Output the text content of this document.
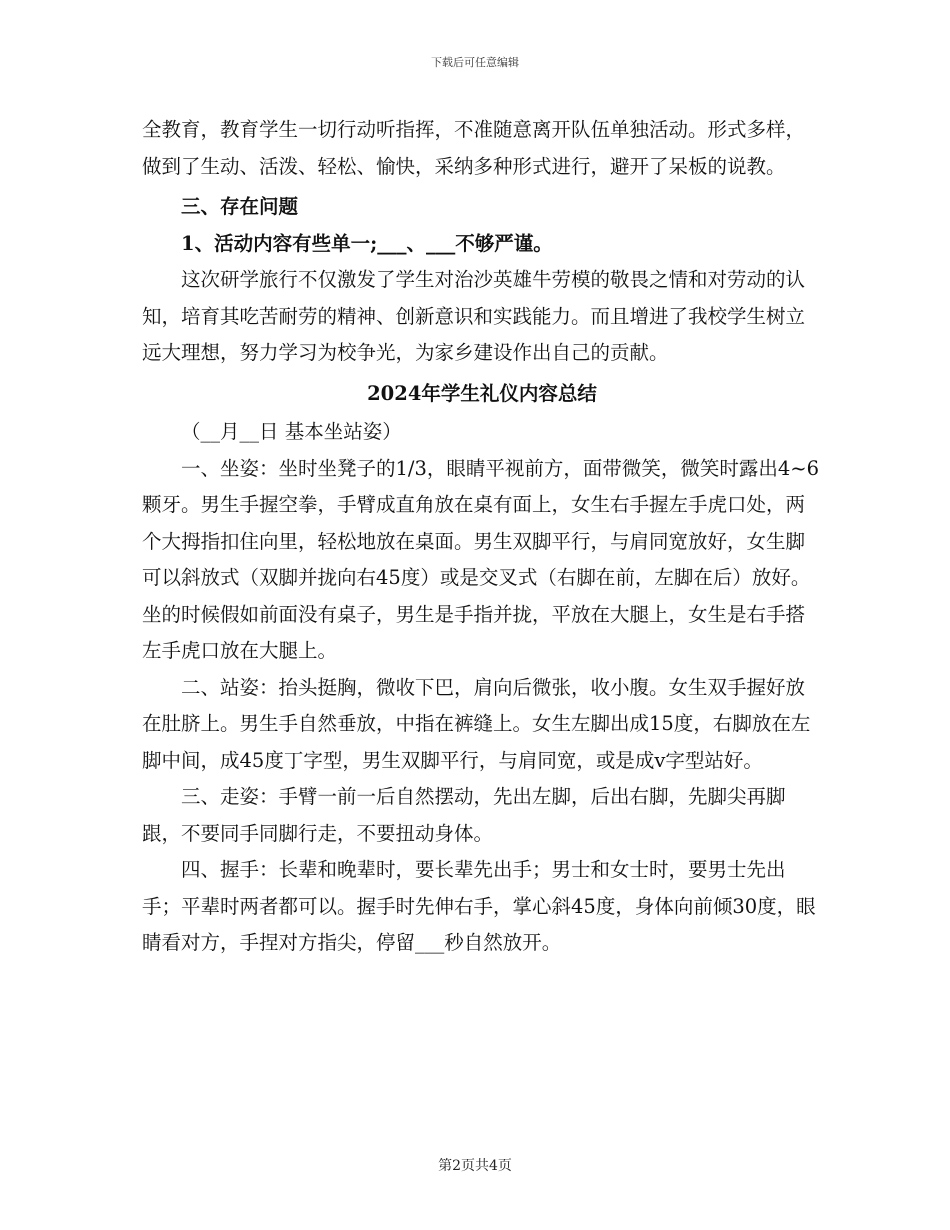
下载后可任意编辑

全教育，教育学生一切行动听指挥，不准随意离开队伍单独活动。形式多样，做到了生动、活泼、轻松、愉快，采纳多种形式进行，避开了呆板的说教。

三、存在问题

1、活动内容有些单一;___、___不够严谨。

这次研学旅行不仅激发了学生对治沙英雄牛劳模的敬畏之情和对劳动的认知，培育其吃苦耐劳的精神、创新意识和实践能力。而且增进了我校学生树立远大理想，努力学习为校争光，为家乡建设作出自己的贡献。

2024年学生礼仪内容总结

（__月__日 基本坐站姿）

一、坐姿：坐时坐凳子的1/3，眼睛平视前方，面带微笑，微笑时露出4~6颗牙。男生手握空拳，手臂成直角放在桌有面上，女生右手握左手虎口处，两个大拇指扣住向里，轻松地放在桌面。男生双脚平行，与肩同宽放好，女生脚可以斜放式（双脚并拢向右45度）或是交叉式（右脚在前，左脚在后）放好。坐的时候假如前面没有桌子，男生是手指并拢，平放在大腿上，女生是右手搭左手虎口放在大腿上。

二、站姿：抬头挺胸，微收下巴，肩向后微张，收小腹。女生双手握好放在肚脐上。男生手自然垂放，中指在裤缝上。女生左脚出成15度，右脚放在左脚中间，成45度丁字型，男生双脚平行，与肩同宽，或是成v字型站好。

三、走姿：手臂一前一后自然摆动，先出左脚，后出右脚，先脚尖再脚跟，不要同手同脚行走，不要扭动身体。

四、握手：长辈和晚辈时，要长辈先出手；男士和女士时，要男士先出手；平辈时两者都可以。握手时先伸右手，掌心斜45度，身体向前倾30度，眼睛看对方，手捏对方指尖，停留___秒自然放开。

第2页共4页
